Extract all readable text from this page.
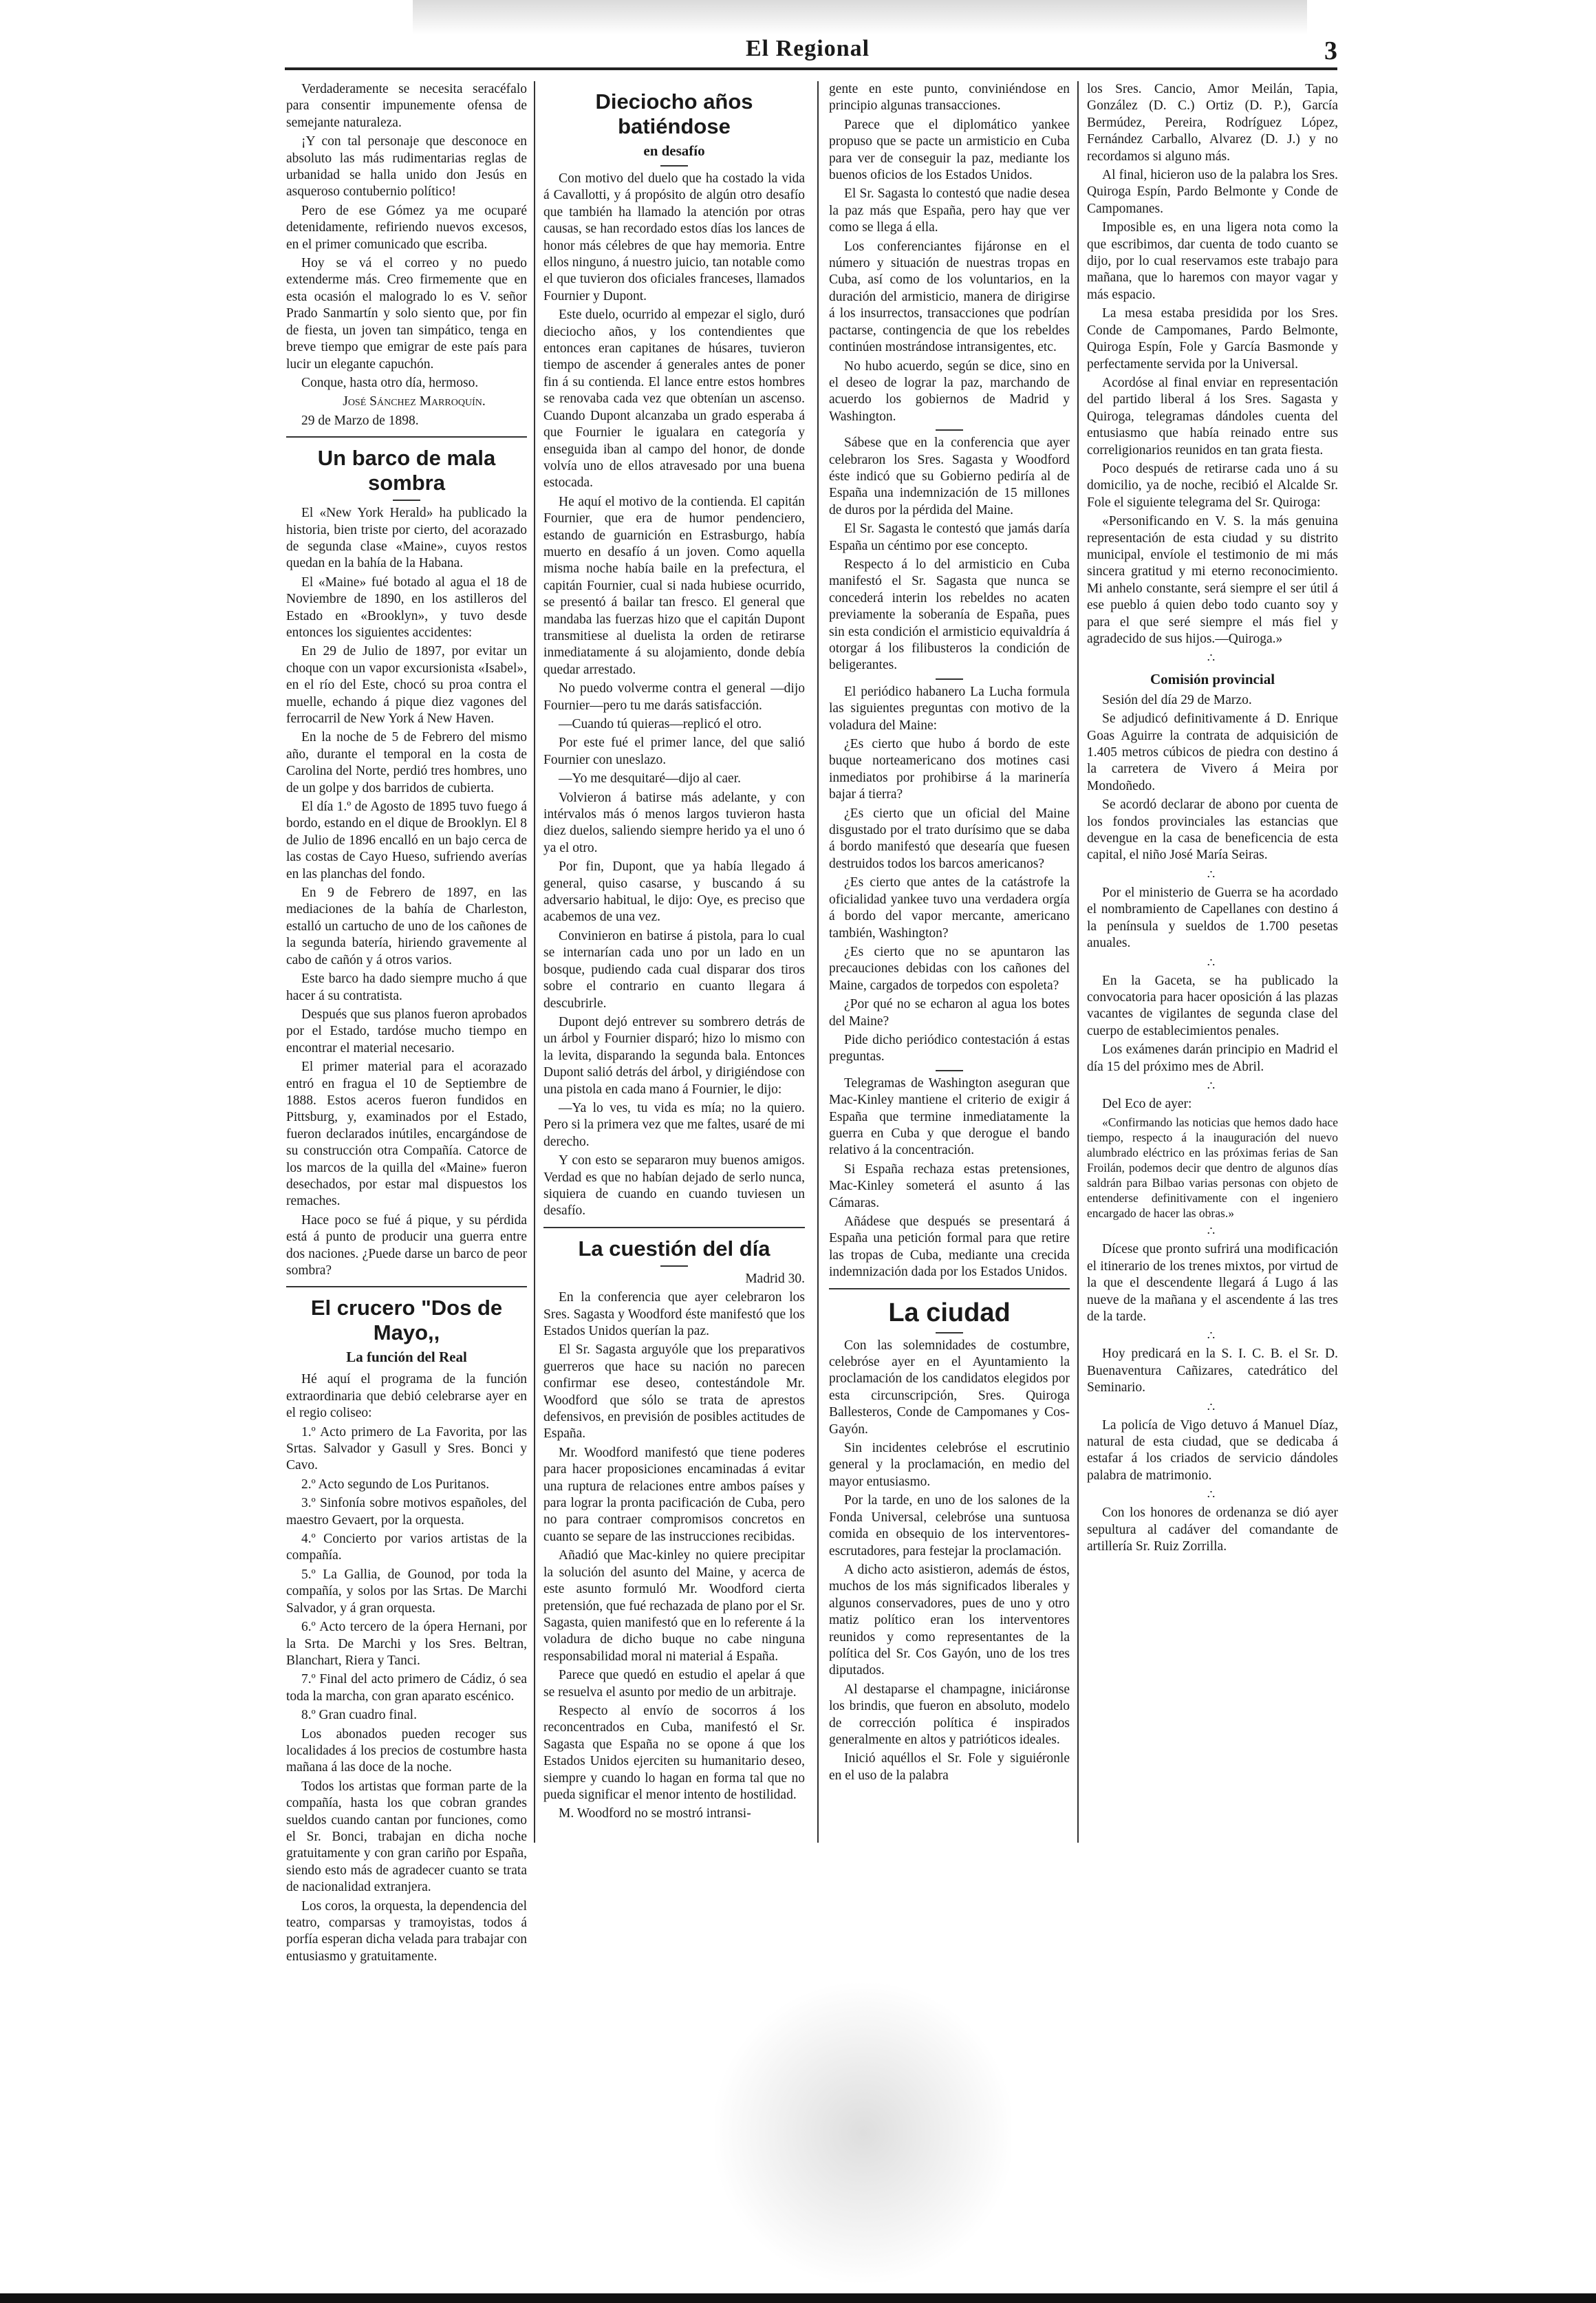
El Regional	3

Verdaderamente se necesita seracéfalo para consentir impunemente ofensa de semejante naturaleza.

¡Y con tal personaje que desconoce en absoluto las más rudimentarias reglas de urbanidad se halla unido don Jesús en asqueroso contubernio político!

Pero de ese Gómez ya me ocuparé detenidamente, refiriendo nuevos excesos, en el primer comunicado que escriba.

Hoy se vá el correo y no puedo extenderme más. Creo firmemente que en esta ocasión el malogrado lo es V. señor Prado Sanmartín y solo siento que, por fin de fiesta, un joven tan simpático, tenga en breve tiempo que emigrar de este país para lucir un elegante capuchón.

Conque, hasta otro día, hermoso.

José Sánchez Marroquín.

29 de Marzo de 1898.

Un barco de mala sombra

El «New York Herald» ha publicado la historia, bien triste por cierto, del acorazado de segunda clase «Maine», cuyos restos quedan en la bahía de la Habana.

El «Maine» fué botado al agua el 18 de Noviembre de 1890, en los astilleros del Estado en «Brooklyn», y tuvo desde entonces los siguientes accidentes:

En 29 de Julio de 1897, por evitar un choque con un vapor excursionista «Isabel», en el río del Este, chocó su proa contra el muelle, echando á pique diez vagones del ferrocarril de New York á New Haven.

En la noche de 5 de Febrero del mismo año, durante el temporal en la costa de Carolina del Norte, perdió tres hombres, uno de un golpe y dos barridos de cubierta.

El día 1.º de Agosto de 1895 tuvo fuego á bordo, estando en el dique de Brooklyn. El 8 de Julio de 1896 encalló en un bajo cerca de las costas de Cayo Hueso, sufriendo averías en las planchas del fondo.

En 9 de Febrero de 1897, en las mediaciones de la bahía de Charleston, estalló un cartucho de uno de los cañones de la segunda batería, hiriendo gravemente al cabo de cañón y á otros varios.

Este barco ha dado siempre mucho á que hacer á su contratista.

Después que sus planos fueron aprobados por el Estado, tardóse mucho tiempo en encontrar el material necesario.

El primer material para el acorazado entró en fragua el 10 de Septiembre de 1888. Estos aceros fueron fundidos en Pittsburg, y, examinados por el Estado, fueron declarados inútiles, encargándose de su construcción otra Compañía. Catorce de los marcos de la quilla del «Maine» fueron desechados, por estar mal dispuestos los remaches.

Hace poco se fué á pique, y su pérdida está á punto de producir una guerra entre dos naciones. ¿Puede darse un barco de peor sombra?

El crucero "Dos de Mayo,,
La función del Real

Hé aquí el programa de la función extraordinaria que debió celebrarse ayer en el regio coliseo:

1.º Acto primero de La Favorita, por las Srtas. Salvador y Gasull y Sres. Bonci y Cavo.

2.º Acto segundo de Los Puritanos.

3.º Sinfonía sobre motivos españoles, del maestro Gevaert, por la orquesta.

4.º Concierto por varios artistas de la compañía.

5.º La Gallia, de Gounod, por toda la compañía, y solos por las Srtas. De Marchi Salvador, y á gran orquesta.

6.º Acto tercero de la ópera Hernani, por la Srta. De Marchi y los Sres. Beltran, Blanchart, Riera y Tanci.

7.º Final del acto primero de Cádiz, ó sea toda la marcha, con gran aparato escénico.

8.º Gran cuadro final.

Los abonados pueden recoger sus localidades á los precios de costumbre hasta mañana á las doce de la noche.

Todos los artistas que forman parte de la compañía, hasta los que cobran grandes sueldos cuando cantan por funciones, como el Sr. Bonci, trabajan en dicha noche gratuitamente y con gran cariño por España, siendo esto más de agradecer cuanto se trata de nacionalidad extranjera.

Los coros, la orquesta, la dependencia del teatro, comparsas y tramoyistas, todos á porfía esperan dicha velada para trabajar con entusiasmo y gratuitamente.

Dieciocho años batiéndose
en desafío

Con motivo del duelo que ha costado la vida á Cavallotti, y á propósito de algún otro desafío que también ha llamado la atención por otras causas, se han recordado estos días los lances de honor más célebres de que hay memoria. Entre ellos ninguno, á nuestro juicio, tan notable como el que tuvieron dos oficiales franceses, llamados Fournier y Dupont.

Este duelo, ocurrido al empezar el siglo, duró dieciocho años, y los contendientes que entonces eran capitanes de húsares, tuvieron tiempo de ascender á generales antes de poner fin á su contienda. El lance entre estos hombres se renovaba cada vez que obtenían un ascenso. Cuando Dupont alcanzaba un grado esperaba á que Fournier le igualara en categoría y enseguida iban al campo del honor, de donde volvía uno de ellos atravesado por una buena estocada.

He aquí el motivo de la contienda. El capitán Fournier, que era de humor pendenciero, estando de guarnición en Estrasburgo, había muerto en desafío á un joven. Como aquella misma noche había baile en la prefectura, el capitán Fournier, cual si nada hubiese ocurrido, se presentó á bailar tan fresco. El general que mandaba las fuerzas hizo que el capitán Dupont transmitiese al duelista la orden de retirarse inmediatamente á su alojamiento, donde debía quedar arrestado.

No puedo volverme contra el general —dijo Fournier—pero tu me darás satisfacción.

—Cuando tú quieras—replicó el otro.

Por este fué el primer lance, del que salió Fournier con uneslazo.

—Yo me desquitaré—dijo al caer.

Volvieron á batirse más adelante, y con intérvalos más ó menos largos tuvieron hasta diez duelos, saliendo siempre herido ya el uno ó ya el otro.

Por fin, Dupont, que ya había llegado á general, quiso casarse, y buscando á su adversario habitual, le dijo: Oye, es preciso que acabemos de una vez.

Convinieron en batirse á pistola, para lo cual se internarían cada uno por un lado en un bosque, pudiendo cada cual disparar dos tiros sobre el contrario en cuanto llegara á descubrirle.

Dupont dejó entrever su sombrero detrás de un árbol y Fournier disparó; hizo lo mismo con la levita, disparando la segunda bala. Entonces Dupont salió detrás del árbol, y dirigiéndose con una pistola en cada mano á Fournier, le dijo:

—Ya lo ves, tu vida es mía; no la quiero. Pero si la primera vez que me faltes, usaré de mi derecho.

Y con esto se separaron muy buenos amigos. Verdad es que no habían dejado de serlo nunca, siquiera de cuando en cuando tuviesen un desafío.

La cuestión del día

Madrid 30.

En la conferencia que ayer celebraron los Sres. Sagasta y Woodford éste manifestó que los Estados Unidos querían la paz.

El Sr. Sagasta arguyóle que los preparativos guerreros que hace su nación no parecen confirmar ese deseo, contestándole Mr. Woodford que sólo se trata de aprestos defensivos, en previsión de posibles actitudes de España.

Mr. Woodford manifestó que tiene poderes para hacer proposiciones encaminadas á evitar una ruptura de relaciones entre ambos países y para lograr la pronta pacificación de Cuba, pero no para contraer compromisos concretos en cuanto se separe de las instrucciones recibidas.

Añadió que Mac-kinley no quiere precipitar la solución del asunto del Maine, y acerca de este asunto formuló Mr. Woodford cierta pretensión, que fué rechazada de plano por el Sr. Sagasta, quien manifestó que en lo referente á la voladura de dicho buque no cabe ninguna responsabilidad moral ni material á España.

Parece que quedó en estudio el apelar á que se resuelva el asunto por medio de un arbitraje.

Respecto al envío de socorros á los reconcentrados en Cuba, manifestó el Sr. Sagasta que España no se opone á que los Estados Unidos ejerciten su humanitario deseo, siempre y cuando lo hagan en forma tal que no pueda significar el menor intento de hostilidad.

M. Woodford no se mostró intransi-

gente en este punto, conviniéndose en principio algunas transacciones.

Parece que el diplomático yankee propuso que se pacte un armisticio en Cuba para ver de conseguir la paz, mediante los buenos oficios de los Estados Unidos.

El Sr. Sagasta lo contestó que nadie desea la paz más que España, pero hay que ver como se llega á ella.

Los conferenciantes fijáronse en el número y situación de nuestras tropas en Cuba, así como de los voluntarios, en la duración del armisticio, manera de dirigirse á los insurrectos, transacciones que podrían pactarse, contingencia de que los rebeldes continúen mostrándose intransigentes, etc.

No hubo acuerdo, según se dice, sino en el deseo de lograr la paz, marchando de acuerdo los gobiernos de Madrid y Washington.

Sábese que en la conferencia que ayer celebraron los Sres. Sagasta y Woodford éste indicó que su Gobierno pediría al de España una indemnización de 15 millones de duros por la pérdida del Maine.

El Sr. Sagasta le contestó que jamás daría España un céntimo por ese concepto.

Respecto á lo del armisticio en Cuba manifestó el Sr. Sagasta que nunca se concederá interin los rebeldes no acaten previamente la soberanía de España, pues sin esta condición el armisticio equivaldría á otorgar á los filibusteros la condición de beligerantes.

El periódico habanero La Lucha formula las siguientes preguntas con motivo de la voladura del Maine:

¿Es cierto que hubo á bordo de este buque norteamericano dos motines casi inmediatos por prohibirse á la marinería bajar á tierra?

¿Es cierto que un oficial del Maine disgustado por el trato durísimo que se daba á bordo manifestó que desearía que fuesen destruidos todos los barcos americanos?

¿Es cierto que antes de la catástrofe la oficialidad yankee tuvo una verdadera orgía á bordo del vapor mercante, americano también, Washington?

¿Es cierto que no se apuntaron las precauciones debidas con los cañones del Maine, cargados de torpedos con espoleta?

¿Por qué no se echaron al agua los botes del Maine?

Pide dicho periódico contestación á estas preguntas.

Telegramas de Washington aseguran que Mac-Kinley mantiene el criterio de exigir á España que termine inmediatamente la guerra en Cuba y que derogue el bando relativo á la concentración.

Si España rechaza estas pretensiones, Mac-Kinley someterá el asunto á las Cámaras.

Añádese que después se presentará á España una petición formal para que retire las tropas de Cuba, mediante una crecida indemnización dada por los Estados Unidos.

La ciudad

Con las solemnidades de costumbre, celebróse ayer en el Ayuntamiento la proclamación de los candidatos elegidos por esta circunscripción, Sres. Quiroga Ballesteros, Conde de Campomanes y Cos-Gayón.

Sin incidentes celebróse el escrutinio general y la proclamación, en medio del mayor entusiasmo.

Por la tarde, en uno de los salones de la Fonda Universal, celebróse una suntuosa comida en obsequio de los interventores-escrutadores, para festejar la proclamación.

A dicho acto asistieron, además de éstos, muchos de los más significados liberales y algunos conservadores, pues de uno y otro matiz político eran los interventores reunidos y como representantes de la política del Sr. Cos Gayón, uno de los tres diputados.

Al destaparse el champagne, iniciáronse los brindis, que fueron en absoluto, modelo de corrección política é inspirados generalmente en altos y patrióticos ideales.

Inició aquéllos el Sr. Fole y siguiéronle en el uso de la palabra

los Sres. Cancio, Amor Meilán, Tapia, González (D. C.) Ortiz (D. P.), García Bermúdez, Pereira, Rodríguez López, Fernández Carballo, Alvarez (D. J.) y no recordamos si alguno más.

Al final, hicieron uso de la palabra los Sres. Quiroga Espín, Pardo Belmonte y Conde de Campomanes.

Imposible es, en una ligera nota como la que escribimos, dar cuenta de todo cuanto se dijo, por lo cual reservamos este trabajo para mañana, que lo haremos con mayor vagar y más espacio.

La mesa estaba presidida por los Sres. Conde de Campomanes, Pardo Belmonte, Quiroga Espín, Fole y García Basmonde y perfectamente servida por la Universal.

Acordóse al final enviar en representación del partido liberal á los Sres. Sagasta y Quiroga, telegramas dándoles cuenta del entusiasmo que había reinado entre sus correligionarios reunidos en tan grata fiesta.

Poco después de retirarse cada uno á su domicilio, ya de noche, recibió el Alcalde Sr. Fole el siguiente telegrama del Sr. Quiroga:

«Personificando en V. S. la más genuina representación de esta ciudad y su distrito municipal, envíole el testimonio de mi más sincera gratitud y mi eterno reconocimiento. Mi anhelo constante, será siempre el ser útil á ese pueblo á quien debo todo cuanto soy y para el que seré siempre el más fiel y agradecido de sus hijos.—Quiroga.»

∴
Comisión provincial

Sesión del día 29 de Marzo.

Se adjudicó definitivamente á D. Enrique Goas Aguirre la contrata de adquisición de 1.405 metros cúbicos de piedra con destino á la carretera de Vivero á Meira por Mondoñedo.

Se acordó declarar de abono por cuenta de los fondos provinciales las estancias que devengue en la casa de beneficencia de esta capital, el niño José María Seiras.

∴

Por el ministerio de Guerra se ha acordado el nombramiento de Capellanes con destino á la península y sueldos de 1.700 pesetas anuales.

∴

En la Gaceta, se ha publicado la convocatoria para hacer oposición á las plazas vacantes de vigilantes de segunda clase del cuerpo de establecimientos penales.

Los exámenes darán principio en Madrid el día 15 del próximo mes de Abril.

∴

Del Eco de ayer:

«Confirmando las noticias que hemos dado hace tiempo, respecto á la inauguración del nuevo alumbrado eléctrico en las próximas ferias de San Froilán, podemos decir que dentro de algunos días saldrán para Bilbao varias personas con objeto de entenderse definitivamente con el ingeniero encargado de hacer las obras.»

∴

Dícese que pronto sufrirá una modificación el itinerario de los trenes mixtos, por virtud de la que el descendente llegará á Lugo á las nueve de la mañana y el ascendente á las tres de la tarde.

∴

Hoy predicará en la S. I. C. B. el Sr. D. Buenaventura Cañizares, catedrático del Seminario.

∴

La policía de Vigo detuvo á Manuel Díaz, natural de esta ciudad, que se dedicaba á estafar á los criados de servicio dándoles palabra de matrimonio.

∴

Con los honores de ordenanza se dió ayer sepultura al cadáver del comandante de artillería Sr. Ruiz Zorrilla.
